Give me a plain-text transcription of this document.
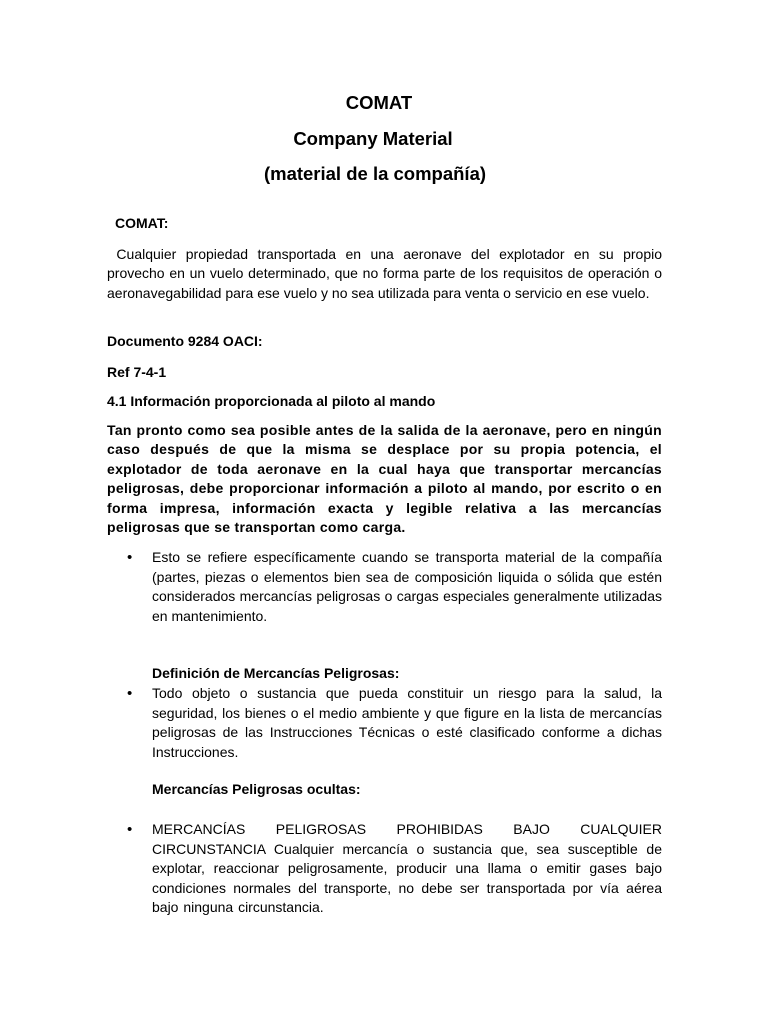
COMAT
Company Material
(material de la compañía)

COMAT:

Cualquier propiedad transportada en una aeronave del explotador en su propio provecho en un vuelo determinado, que no forma parte de los requisitos de operación o aeronavegabilidad para ese vuelo y no sea utilizada para venta o servicio en ese vuelo.

Documento 9284 OACI:

Ref 7-4-1

4.1 Información proporcionada al piloto al mando

Tan pronto como sea posible antes de la salida de la aeronave, pero en ningún caso después de que la misma se desplace por su propia potencia, el explotador de toda aeronave en la cual haya que transportar mercancías peligrosas, debe proporcionar información a piloto al mando, por escrito o en forma impresa, información exacta y legible relativa a las mercancías peligrosas que se transportan como carga.

• Esto se refiere específicamente cuando se transporta material de la compañía (partes, piezas o elementos bien sea de composición liquida o sólida que estén considerados mercancías peligrosas o cargas especiales generalmente utilizadas en mantenimiento.

Definición de Mercancías Peligrosas:

• Todo objeto o sustancia que pueda constituir un riesgo para la salud, la seguridad, los bienes o el medio ambiente y que figure en la lista de mercancías peligrosas de las Instrucciones Técnicas o esté clasificado conforme a dichas Instrucciones.

Mercancías Peligrosas ocultas:

• MERCANCÍAS PELIGROSAS PROHIBIDAS BAJO CUALQUIER CIRCUNSTANCIA Cualquier mercancía o sustancia que, sea susceptible de explotar, reaccionar peligrosamente, producir una llama o emitir gases bajo condiciones normales del transporte, no debe ser transportada por vía aérea bajo ninguna circunstancia.
